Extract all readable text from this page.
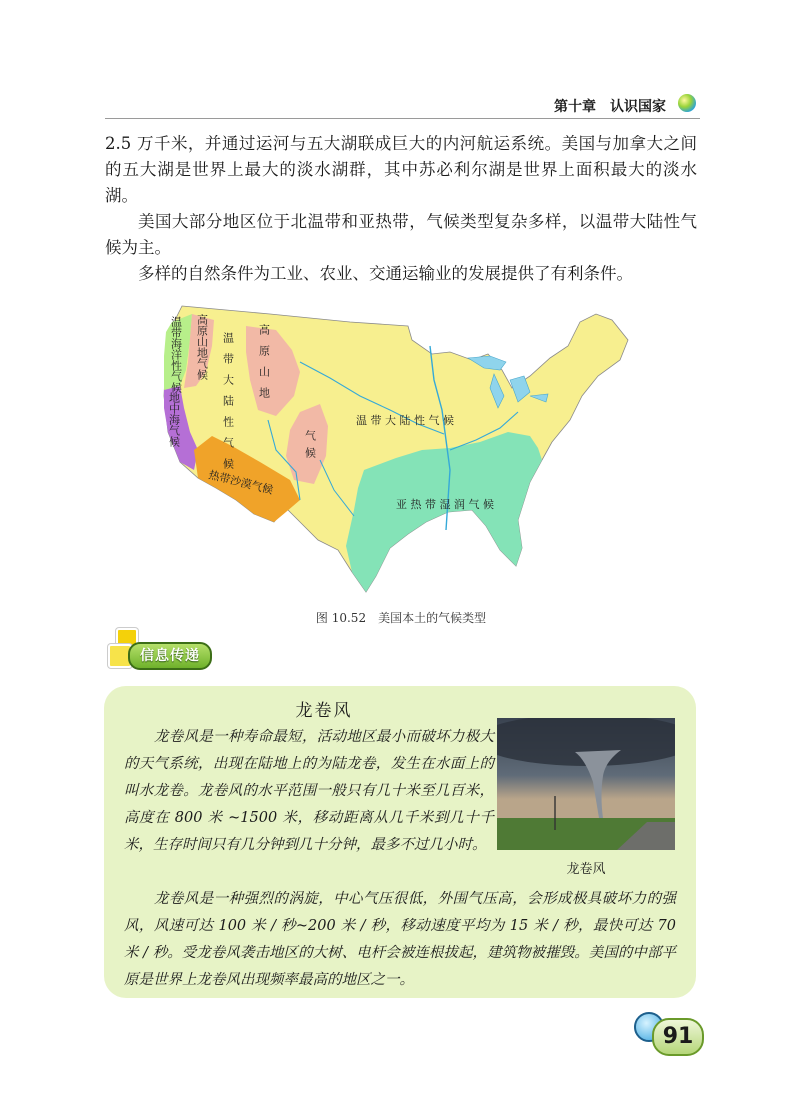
第十章　认识国家

2.5 万千米，并通过运河与五大湖联成巨大的内河航运系统。美国与加拿大之间的五大湖是世界上最大的淡水湖群，其中苏必利尔湖是世界上面积最大的淡水湖。

美国大部分地区位于北温带和亚热带，气候类型复杂多样，以温带大陆性气候为主。

多样的自然条件为工业、农业、交通运输业的发展提供了有利条件。

温带海洋性气候 高原山地气候 温带大陆性气候 高原山地
气候
地中海气候
热带沙漠气候
温 带 大 陆 性 气 候
亚 热 带 湿 润 气 候
图 10.52　美国本土的气候类型
信息传递
龙卷风

龙卷风是一种寿命最短，活动地区最小而破坏力极大的天气系统，出现在陆地上的为陆龙卷，发生在水面上的叫水龙卷。龙卷风的水平范围一般只有几十米至几百米，高度在 800 米 ~1500 米，移动距离从几千米到几十千米，生存时间只有几分钟到几十分钟，最多不过几小时。

龙卷风

龙卷风是一种强烈的涡旋，中心气压很低，外围气压高，会形成极具破坏力的强风，风速可达 100 米 / 秒~200 米 / 秒，移动速度平均为 15 米 / 秒，最快可达 70 米 / 秒。受龙卷风袭击地区的大树、电杆会被连根拔起，建筑物被摧毁。美国的中部平原是世界上龙卷风出现频率最高的地区之一。

91
